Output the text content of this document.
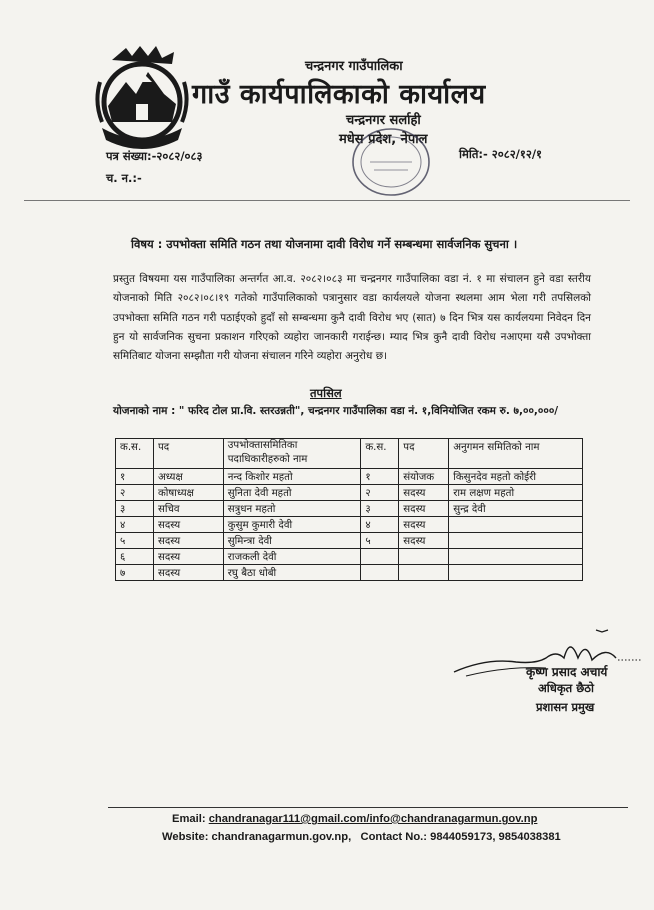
चन्द्रनगर गाउँपालिका
गाउँ कार्यपालिकाको कार्यालय
चन्द्रनगर सर्लाही
मधेस प्रदेश, नेपाल
पत्र संख्या:-२०८२/०८३
च. न.:-
मिति:- २०८२/१२/१
विषय : उपभोक्ता समिति गठन तथा योजनामा दावी विरोध गर्ने सम्बन्धमा सार्वजनिक सुचना ।
प्रस्तुत विषयमा यस गाउँपालिका अन्तर्गत आ.व. २०८२।०८३ मा चन्द्रनगर गाउँपालिका वडा नं. १ मा संचालन हुने वडा स्तरीय योजनाको मिति २०८२।०८।१९ गतेको गाउँपालिकाको पत्रानुसार वडा कार्यलयले योजना स्थलमा आम भेला गरी तपसिलको उपभोक्ता समिति गठन गरी पठाईएको हुदाँ सो सम्बन्धमा कुनै दावी विरोध भए (सात) ७ दिन भित्र यस कार्यलयमा निवेदन दिन हुन यो सार्वजनिक सुचना प्रकाशन गरिएको व्यहोरा जानकारी गराईन्छ। म्याद भित्र कुनै दावी विरोध नआएमा यसै उपभोक्ता समितिबाट योजना सम्झौता गरी योजना संचालन गरिने व्यहोरा अनुरोध छ।
तपसिल
योजनाको नाम : " फरिद टोल प्रा.वि. स्तरउन्नती", चन्द्रनगर गाउँपालिका वडा नं. १,विनियोजित रकम रु. ७,००,०००/
क.स.	पद	उपभोक्तासमितिका पदाधिकारीहरुको नाम	क.स.	पद	अनुगमन समितिको नाम
१	अध्यक्ष	नन्द किशोर महतो	१	संयोजक	किसुनदेव महतो कोईरी
२	कोषाध्यक्ष	सुनिता देवी महतो	२	सदस्य	राम लक्षण महतो
३	सचिव	सत्रुधन महतो	३	सदस्य	सुन्द्र देवी
४	सदस्य	कुसुम कुमारी देवी	४	सदस्य	
५	सदस्य	सुमिन्त्रा देवी	५	सदस्य	
६	सदस्य	राजकली देवी			
७	सदस्य	रघु बैठा धोबी			
कृष्ण प्रसाद अचार्य
अधिकृत छैठो
प्रशासन प्रमुख
Email: chandranagar111@gmail.com/info@chandranagarmun.gov.np
Website: chandranagarmun.gov.np,   Contact No.: 9844059173, 9854038381
